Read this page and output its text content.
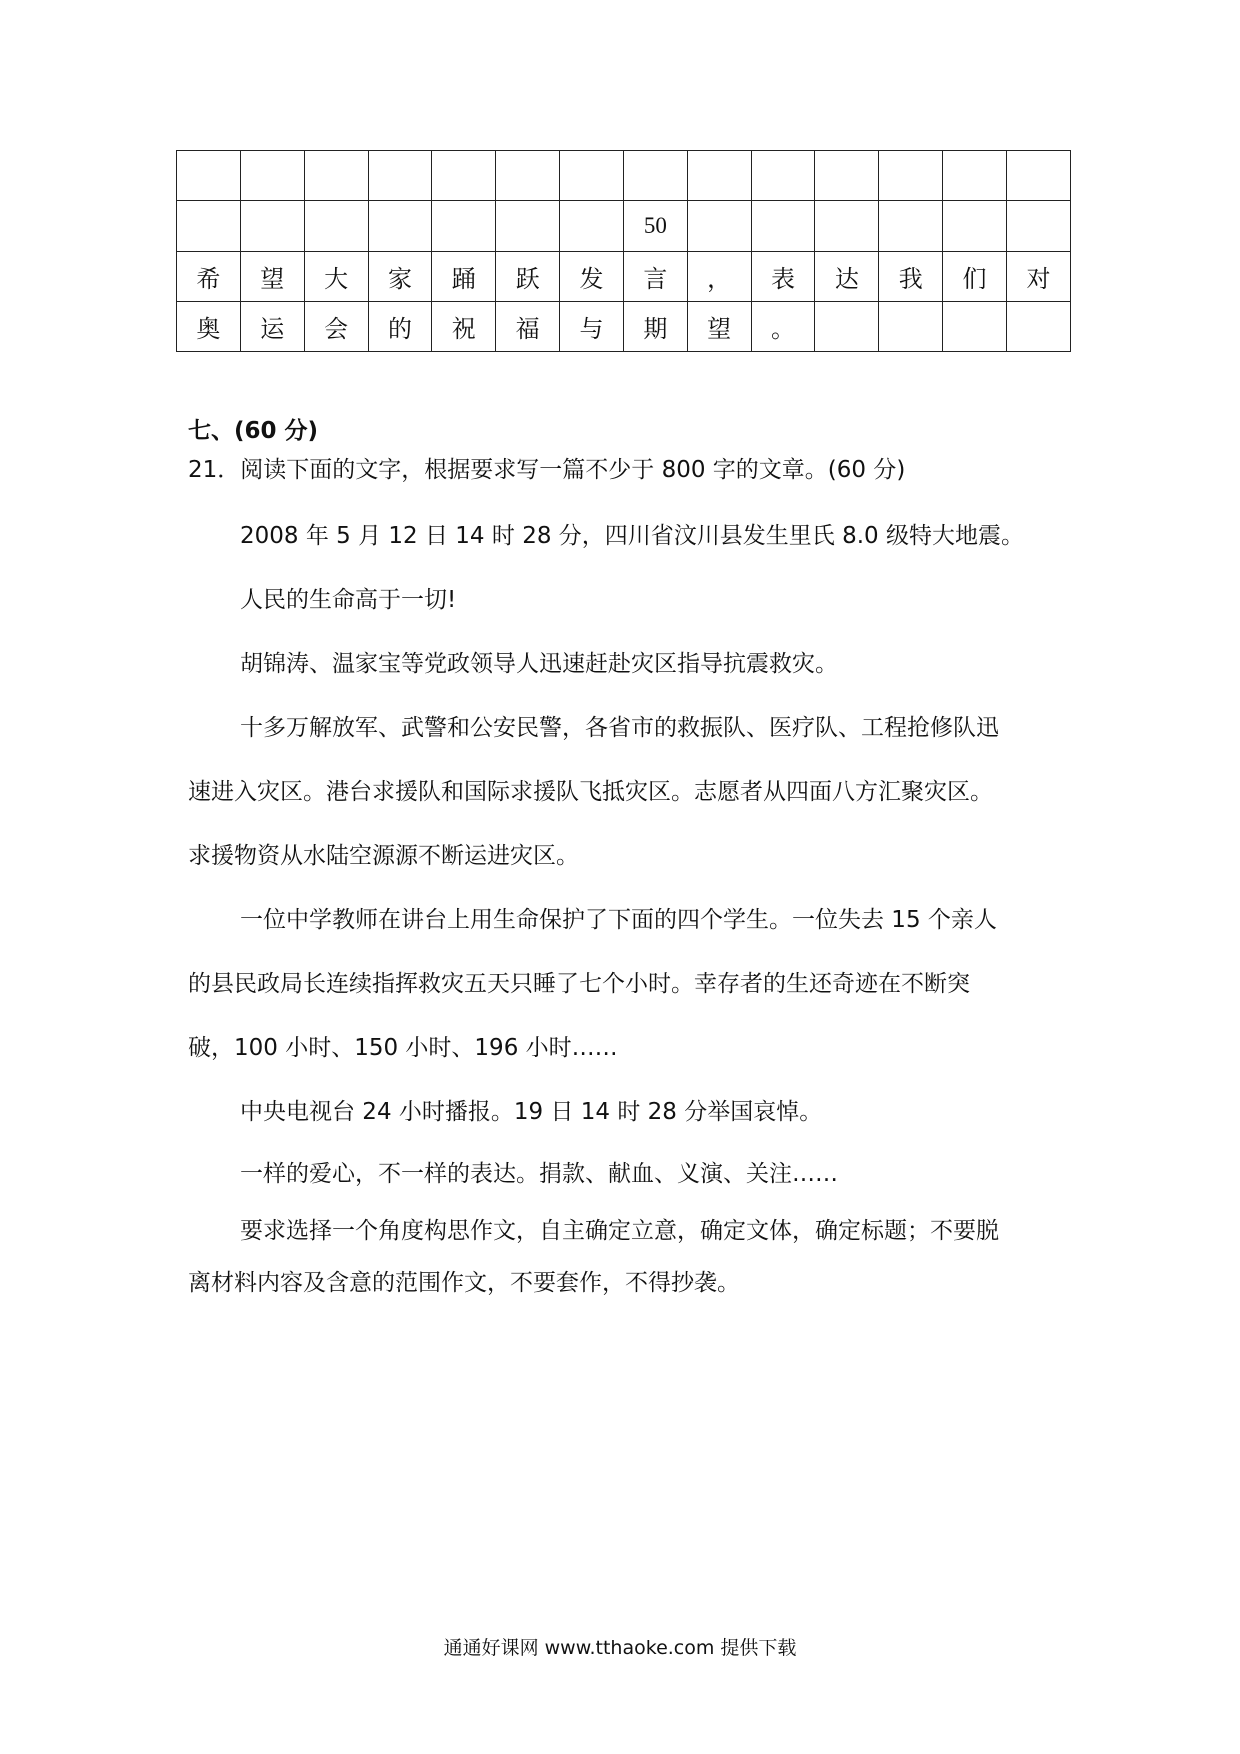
							50						
希	望	大	家	踊	跃	发	言	，	表	达	我	们	对
奥	运	会	的	祝	福	与	期	望	。				
七、(60 分)

21．阅读下面的文字，根据要求写一篇不少于 800 字的文章。(60 分)

2008 年 5 月 12 日 14 时 28 分，四川省汶川县发生里氏 8.0 级特大地震。

人民的生命高于一切!

胡锦涛、温家宝等党政领导人迅速赶赴灾区指导抗震救灾。

十多万解放军、武警和公安民警，各省市的救振队、医疗队、工程抢修队迅

速进入灾区。港台求援队和国际求援队飞抵灾区。志愿者从四面八方汇聚灾区。

求援物资从水陆空源源不断运进灾区。

一位中学教师在讲台上用生命保护了下面的四个学生。一位失去 15 个亲人

的县民政局长连续指挥救灾五天只睡了七个小时。幸存者的生还奇迹在不断突

破，100 小时、150 小时、196 小时……

中央电视台 24 小时播报。19 日 14 时 28 分举国哀悼。

一样的爱心，不一样的表达。捐款、献血、义演、关注……

要求选择一个角度构思作文，自主确定立意，确定文体，确定标题；不要脱

离材料内容及含意的范围作文，不要套作，不得抄袭。

通通好课网 www.tthaoke.com 提供下载
